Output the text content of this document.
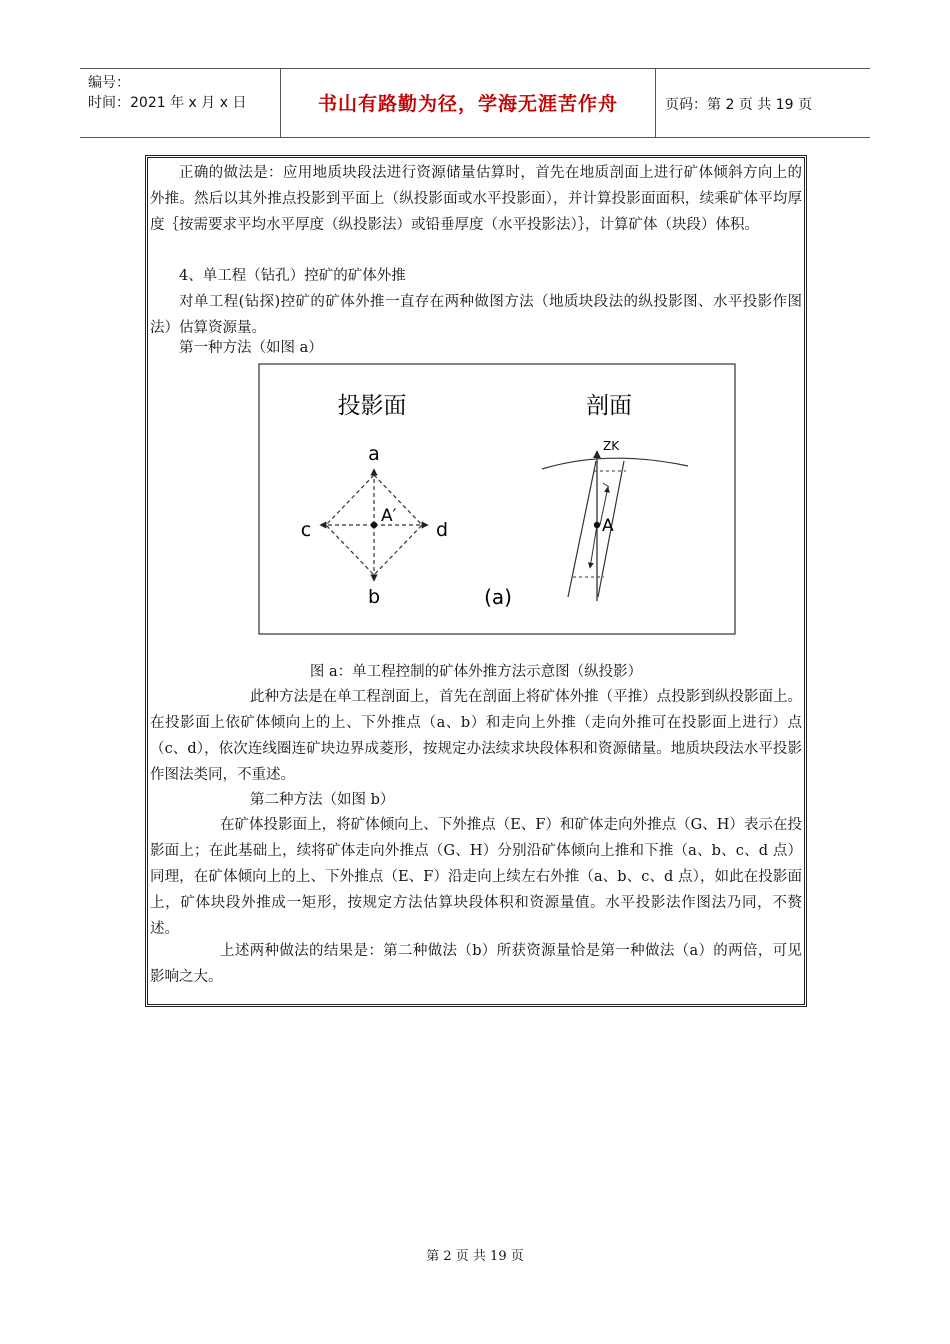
编号：
时间：2021 年 x 月 x 日	书山有路勤为径，学海无涯苦作舟	页码：第 2 页 共 19 页

正确的做法是：应用地质块段法进行资源储量估算时，首先在地质剖面上进行矿体倾斜方向上的外推。然后以其外推点投影到平面上（纵投影面或水平投影面），并计算投影面面积，续乘矿体平均厚度｛按需要求平均水平厚度（纵投影法）或铅垂厚度（水平投影法）｝，计算矿体（块段）体积。

4、单工程（钻孔）控矿的矿体外推

对单工程(钻探)控矿的矿体外推一直存在两种做图方法（地质块段法的纵投影图、水平投影作图法）估算资源量。

第一种方法（如图 a）

投影面	剖面
a
b
c	d
A′
ZK
A
(a)
图 a：单工程控制的矿体外推方法示意图（纵投影）

此种方法是在单工程剖面上，首先在剖面上将矿体外推（平推）点投影到纵投影面上。在投影面上依矿体倾向上的上、下外推点（a、b）和走向上外推（走向外推可在投影面上进行）点（c、d），依次连线圈连矿块边界成菱形，按规定办法续求块段体积和资源储量。地质块段法水平投影作图法类同，不重述。

第二种方法（如图 b）

在矿体投影面上，将矿体倾向上、下外推点（E、F）和矿体走向外推点（G、H）表示在投影面上；在此基础上，续将矿体走向外推点（G、H）分别沿矿体倾向上推和下推（a、b、c、d 点）同理，在矿体倾向上的上、下外推点（E、F）沿走向上续左右外推（a、b、c、d 点），如此在投影面上，矿体块段外推成一矩形，按规定方法估算块段体积和资源量值。水平投影法作图法乃同，不赘述。

上述两种做法的结果是：第二种做法（b）所获资源量恰是第一种做法（a）的两倍，可见影响之大。

第 2 页 共 19 页
